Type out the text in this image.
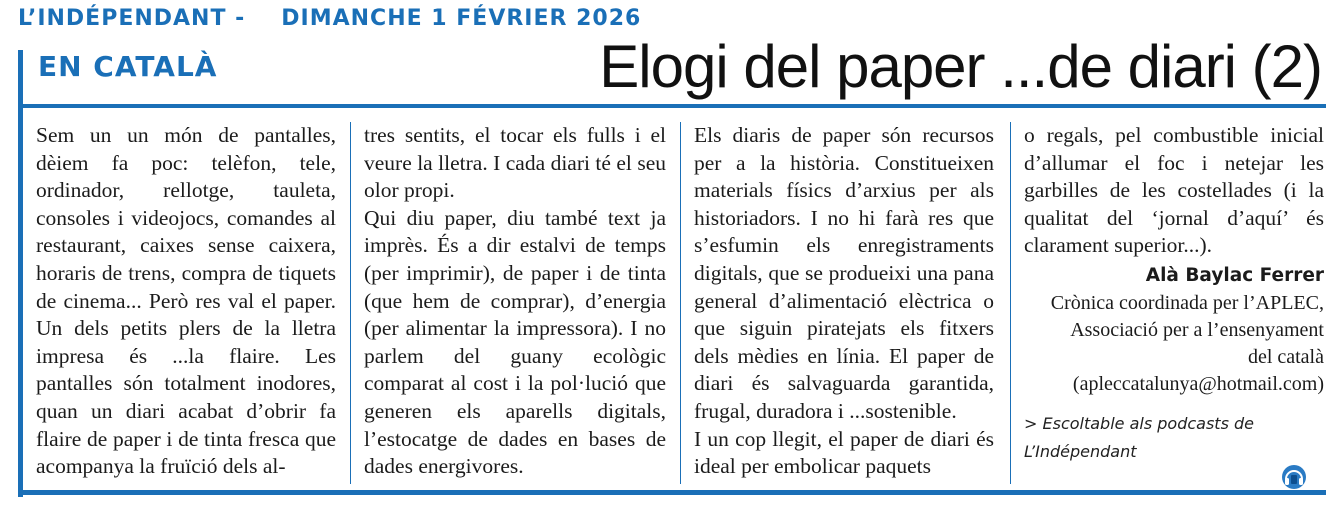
L’INDÉPENDANT - DIMANCHE 1 FÉVRIER 2026
EN CATALÀ	Elogi del paper ...de diari (2)

Sem un un món de pantalles, dèiem fa poc: telèfon, tele, ordinador, rellotge, tauleta, consoles i videojocs, comandes al restaurant, caixes sense caixera, horaris de trens, compra de tiquets de cinema... Però res val el paper. Un dels petits plers de la lletra impresa és ...la flaire. Les pantalles són totalment inodores, quan un diari acabat d’obrir fa flaire de paper i de tinta fresca que acompanya la fruïció dels al-

tres sentits, el tocar els fulls i el veure la lletra. I cada diari té el seu olor propi.

Qui diu paper, diu també text ja imprès. És a dir estalvi de temps (per imprimir), de paper i de tinta (que hem de comprar), d’energia (per alimentar la impressora). I no parlem del guany ecològic comparat al cost i la pol·lució que generen els aparells digitals, l’estocatge de dades en bases de dades energivores.

Els diaris de paper són recursos per a la història. Constitueixen materials físics d’arxius per als historiadors. I no hi farà res que s’esfumin els enregistraments digitals, que se produeixi una pana general d’alimentació elèctrica o que siguin piratejats els fitxers dels mèdies en línia. El paper de diari és salvaguarda garantida, frugal, duradora i ...sostenible.

I un cop llegit, el paper de diari és ideal per embolicar paquets

o regals, pel combustible inicial d’allumar el foc i netejar les garbilles de les costellades (i la qualitat del ‘jornal d’aquí’ és clarament superior...).

Alà Baylac Ferrer
Crònica coordinada per l’APLEC,
Associació per a l’ensenyament
del català
(apleccatalunya@hotmail.com)
> Escoltable als podcasts de
L’Indépendant
